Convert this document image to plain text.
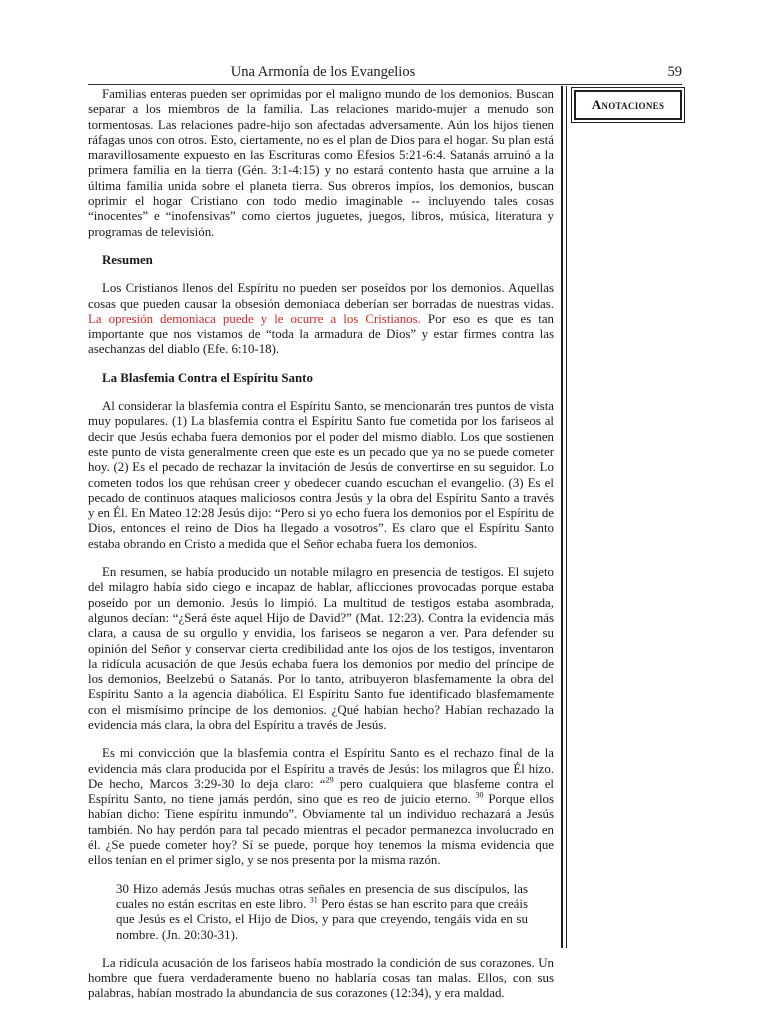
Una Armonía de los Evangelios	59
Anotaciones

Familias enteras pueden ser oprimidas por el maligno mundo de los demonios. Buscan separar a los miembros de la familia. Las relaciones marido-mujer a menudo son tormentosas. Las relaciones padre-hijo son afectadas adversamente. Aún los hijos tienen ráfagas unos con otros. Esto, ciertamente, no es el plan de Dios para el hogar. Su plan está maravillosamente expuesto en las Escrituras como Efesios 5:21-6:4. Satanás arruinó a la primera familia en la tierra (Gén. 3:1-4:15) y no estará contento hasta que arruine a la última familia unida sobre el planeta tierra. Sus obreros impíos, los demonios, buscan oprimir el hogar Cristiano con todo medio imaginable -- incluyendo tales cosas “inocentes” e “inofensivas” como ciertos juguetes, juegos, libros, música, literatura y programas de televisión.

Resumen

Los Cristianos llenos del Espíritu no pueden ser poseídos por los demonios. Aquellas cosas que pueden causar la obsesión demoniaca deberían ser borradas de nuestras vidas. La opresión demoniaca puede y le ocurre a los Cristianos. Por eso es que es tan importante que nos vistamos de “toda la armadura de Dios” y estar firmes contra las asechanzas del diablo (Efe. 6:10-18).

La Blasfemia Contra el Espíritu Santo

Al considerar la blasfemia contra el Espíritu Santo, se mencionarán tres puntos de vista muy populares. (1) La blasfemia contra el Espíritu Santo fue cometida por los fariseos al decir que Jesús echaba fuera demonios por el poder del mismo diablo. Los que sostienen este punto de vista generalmente creen que este es un pecado que ya no se puede cometer hoy. (2) Es el pecado de rechazar la invitación de Jesús de convertirse en su seguidor. Lo cometen todos los que rehúsan creer y obedecer cuando escuchan el evangelio. (3) Es el pecado de continuos ataques maliciosos contra Jesús y la obra del Espíritu Santo a través y en Él. En Mateo 12:28 Jesús dijo: “Pero si yo echo fuera los demonios por el Espíritu de Dios, entonces el reino de Dios ha llegado a vosotros”. Es claro que el Espíritu Santo estaba obrando en Cristo a medida que el Señor echaba fuera los demonios.

En resumen, se había producido un notable milagro en presencia de testigos. El sujeto del milagro había sido ciego e incapaz de hablar, aflicciones provocadas porque estaba poseído por un demonio. Jesús lo limpió. La multitud de testigos estaba asombrada, algunos decían: “¿Será éste aquel Hijo de David?” (Mat. 12:23). Contra la evidencia más clara, a causa de su orgullo y envidia, los fariseos se negaron a ver. Para defender su opinión del Señor y conservar cierta credibilidad ante los ojos de los testigos, inventaron la ridícula acusación de que Jesús echaba fuera los demonios por medio del príncipe de los demonios, Beelzebú o Satanás. Por lo tanto, atribuyeron blasfemamente la obra del Espíritu Santo a la agencia diabólica. El Espíritu Santo fue identificado blasfemamente con el mismísimo príncipe de los demonios. ¿Qué habían hecho? Habían rechazado la evidencia más clara, la obra del Espíritu a través de Jesús.

Es mi convicción que la blasfemia contra el Espíritu Santo es el rechazo final de la evidencia más clara producida por el Espíritu a través de Jesús: los milagros que Él hizo. De hecho, Marcos 3:29-30 lo deja claro: “$^{29}$ pero cualquiera que blasfeme contra el Espíritu Santo, no tiene jamás perdón, sino que es reo de juicio eterno. $^{30}$ Porque ellos habían dicho: Tiene espíritu inmundo”. Obviamente tal un individuo rechazará a Jesús también. No hay perdón para tal pecado mientras el pecador permanezca involucrado en él. ¿Se puede cometer hoy? Sí se puede, porque hoy tenemos la misma evidencia que ellos tenían en el primer siglo, y se nos presenta por la misma razón.

30 Hizo además Jesús muchas otras señales en presencia de sus discípulos, las cuales no están escritas en este libro. $^{31}$ Pero éstas se han escrito para que creáis que Jesús es el Cristo, el Hijo de Dios, y para que creyendo, tengáis vida en su nombre. (Jn. 20:30-31).

La ridícula acusación de los fariseos había mostrado la condición de sus corazones. Un hombre que fuera verdaderamente bueno no hablaría cosas tan malas. Ellos, con sus palabras, habían mostrado la abundancia de sus corazones (12:34), y era maldad.
